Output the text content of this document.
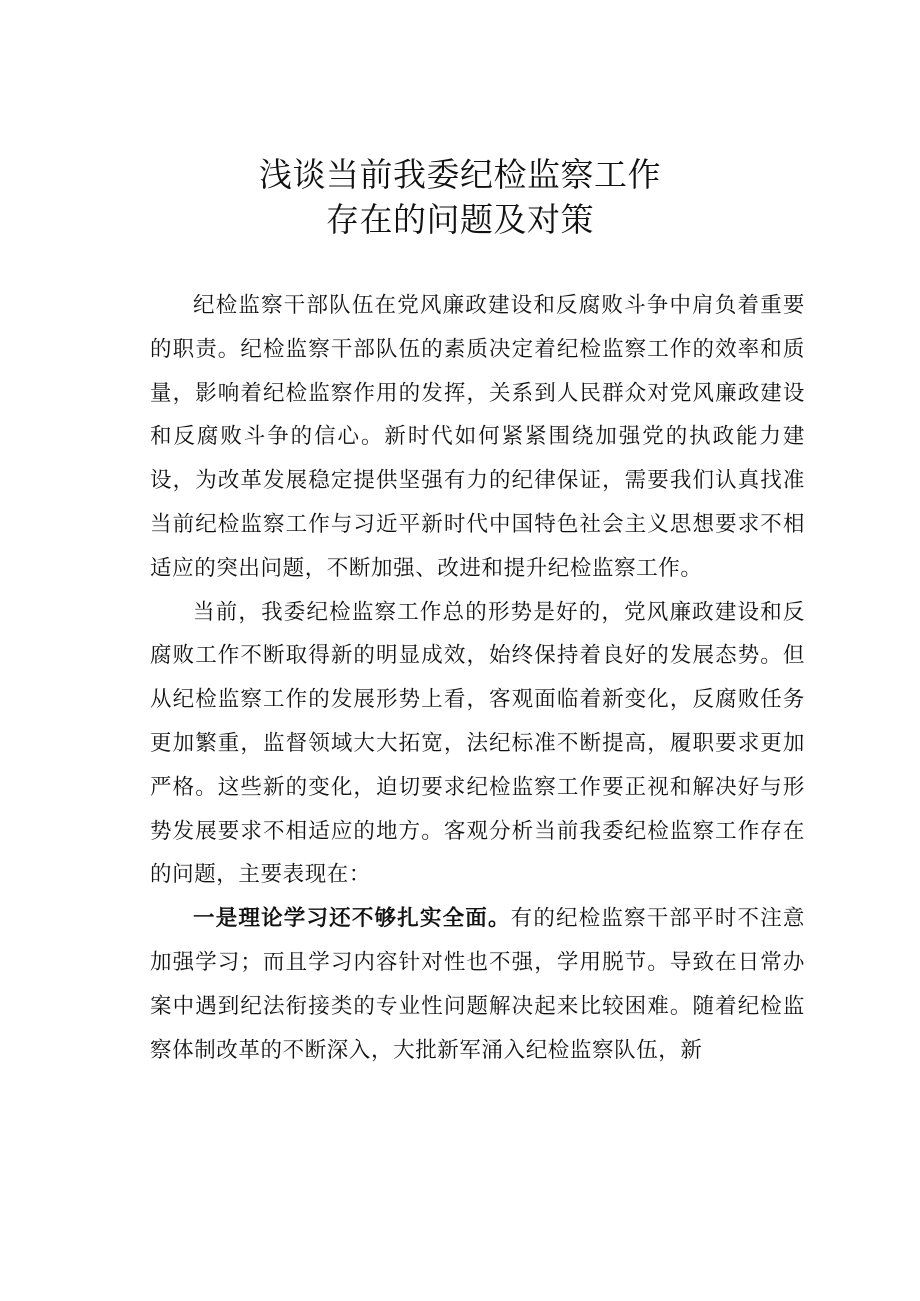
浅谈当前我委纪检监察工作
存在的问题及对策

纪检监察干部队伍在党风廉政建设和反腐败斗争中肩负着重要的职责。纪检监察干部队伍的素质决定着纪检监察工作的效率和质量，影响着纪检监察作用的发挥，关系到人民群众对党风廉政建设和反腐败斗争的信心。新时代如何紧紧围绕加强党的执政能力建设，为改革发展稳定提供坚强有力的纪律保证，需要我们认真找准当前纪检监察工作与习近平新时代中国特色社会主义思想要求不相适应的突出问题，不断加强、改进和提升纪检监察工作。

当前，我委纪检监察工作总的形势是好的，党风廉政建设和反腐败工作不断取得新的明显成效，始终保持着良好的发展态势。但从纪检监察工作的发展形势上看，客观面临着新变化，反腐败任务更加繁重，监督领域大大拓宽，法纪标准不断提高，履职要求更加严格。这些新的变化，迫切要求纪检监察工作要正视和解决好与形势发展要求不相适应的地方。客观分析当前我委纪检监察工作存在的问题，主要表现在：

一是理论学习还不够扎实全面。有的纪检监察干部平时不注意加强学习；而且学习内容针对性也不强，学用脱节。导致在日常办案中遇到纪法衔接类的专业性问题解决起来比较困难。随着纪检监察体制改革的不断深入，大批新军涌入纪检监察队伍，新
